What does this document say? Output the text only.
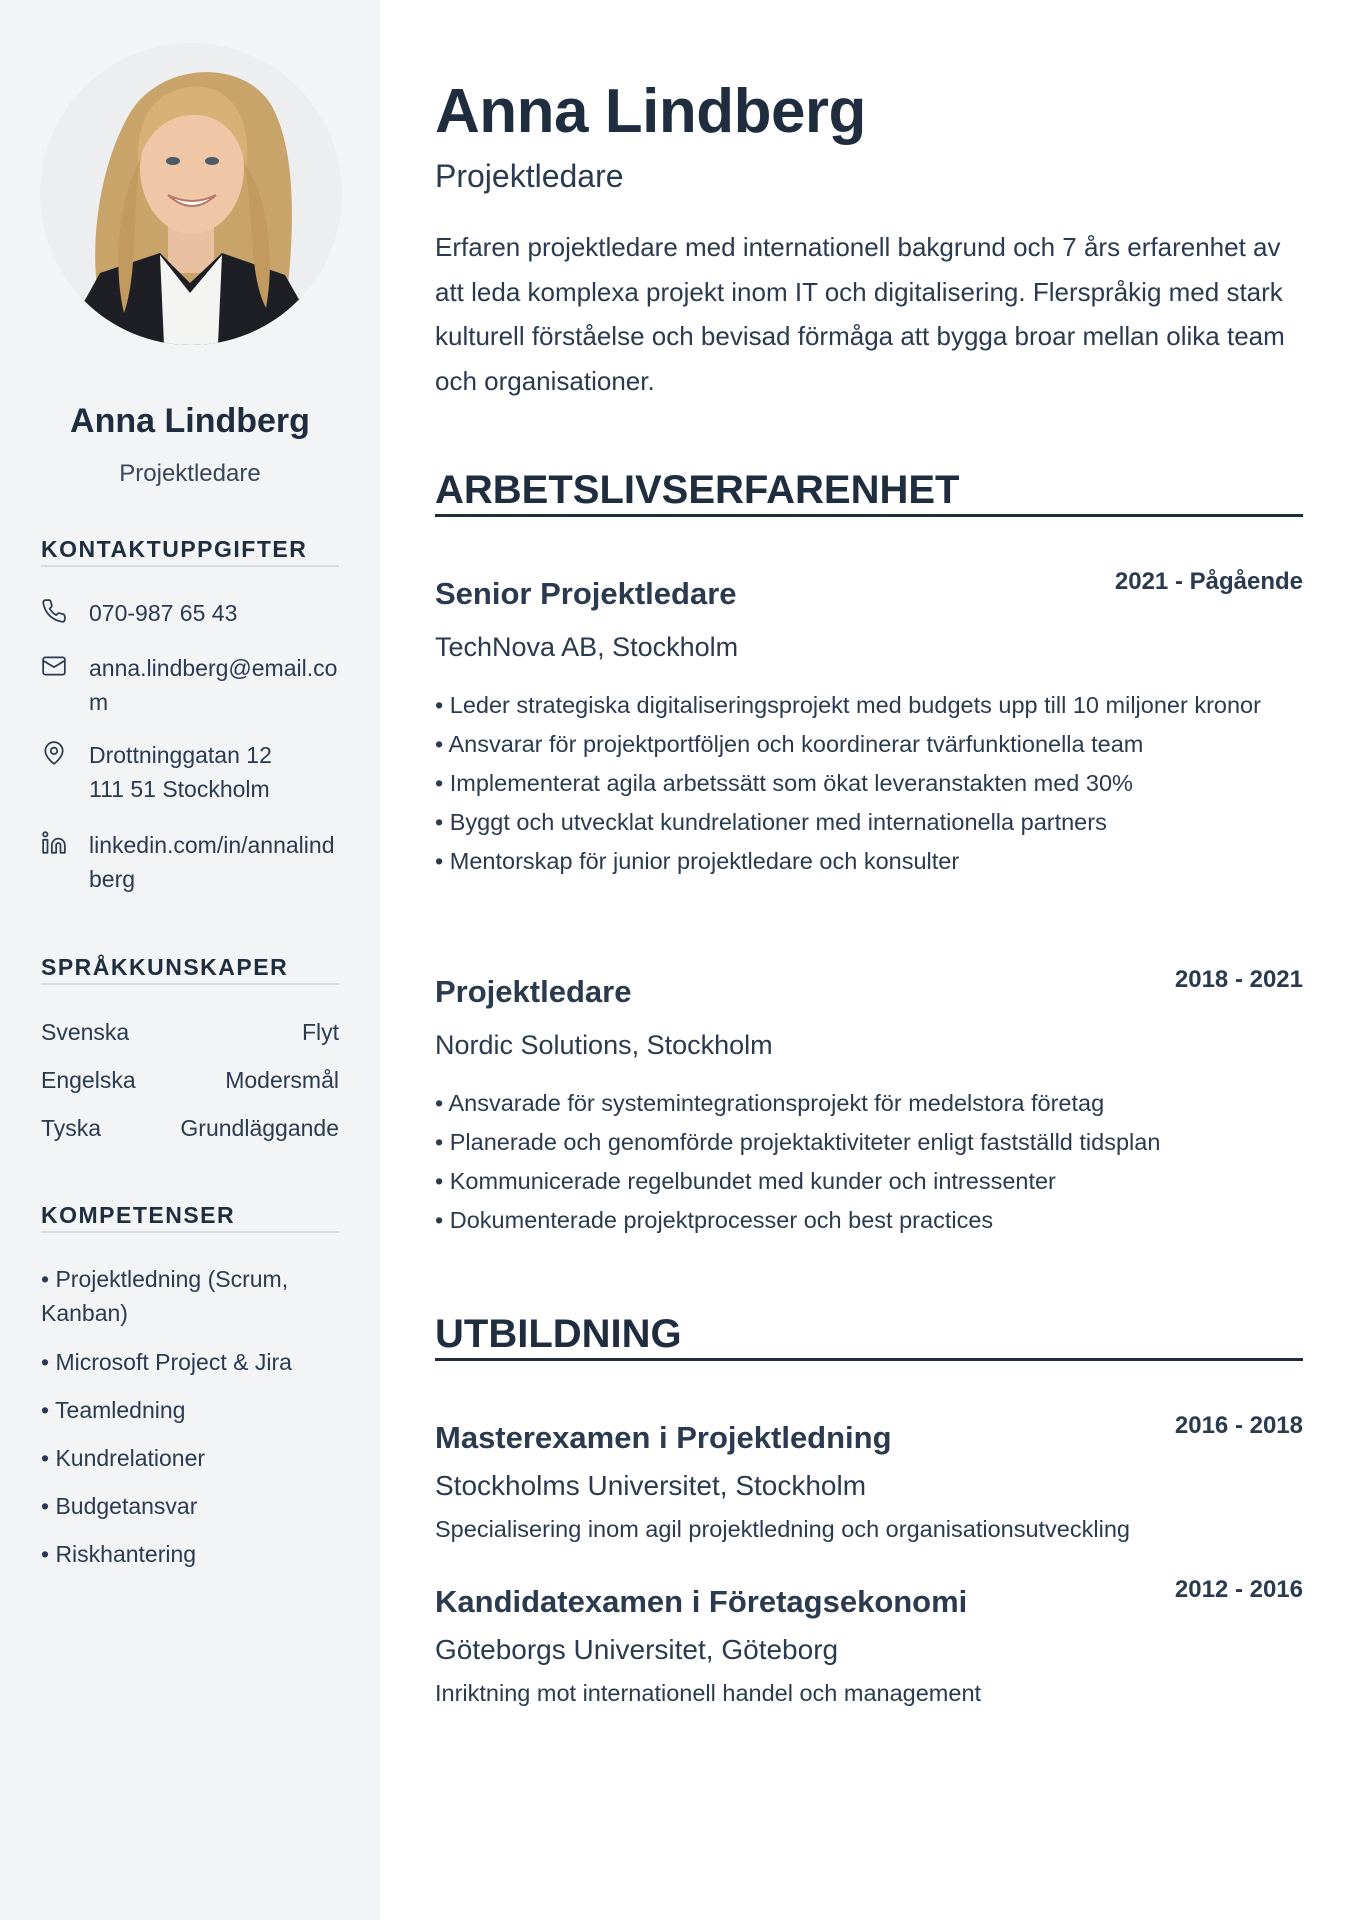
Anna Lindberg
Projektledare
KONTAKTUPPGIFTER
070-987 65 43
anna.lindberg@email.com
Drottninggatan 12
111 51 Stockholm
linkedin.com/in/annalindberg
SPRÅKKUNSKAPER
Svenska	Flyt
Engelska	Modersmål
Tyska	Grundläggande
KOMPETENSER
• Projektledning (Scrum, Kanban)
• Microsoft Project & Jira
• Teamledning
• Kundrelationer
• Budgetansvar
• Riskhantering
Anna Lindberg
Projektledare
Erfaren projektledare med internationell bakgrund och 7 års erfarenhet av att leda komplexa projekt inom IT och digitalisering. Flerspråkig med stark kulturell förståelse och bevisad förmåga att bygga broar mellan olika team och organisationer.
ARBETSLIVSERFARENHET
Senior Projektledare	2021 - Pågående
TechNova AB, Stockholm
• Leder strategiska digitaliseringsprojekt med budgets upp till 10 miljoner kronor
• Ansvarar för projektportföljen och koordinerar tvärfunktionella team
• Implementerat agila arbetssätt som ökat leveranstakten med 30%
• Byggt och utvecklat kundrelationer med internationella partners
• Mentorskap för junior projektledare och konsulter
Projektledare	2018 - 2021
Nordic Solutions, Stockholm
• Ansvarade för systemintegrationsprojekt för medelstora företag
• Planerade och genomförde projektaktiviteter enligt fastställd tidsplan
• Kommunicerade regelbundet med kunder och intressenter
• Dokumenterade projektprocesser och best practices
UTBILDNING
Masterexamen i Projektledning	2016 - 2018
Stockholms Universitet, Stockholm
Specialisering inom agil projektledning och organisationsutveckling
Kandidatexamen i Företagsekonomi	2012 - 2016
Göteborgs Universitet, Göteborg
Inriktning mot internationell handel och management
